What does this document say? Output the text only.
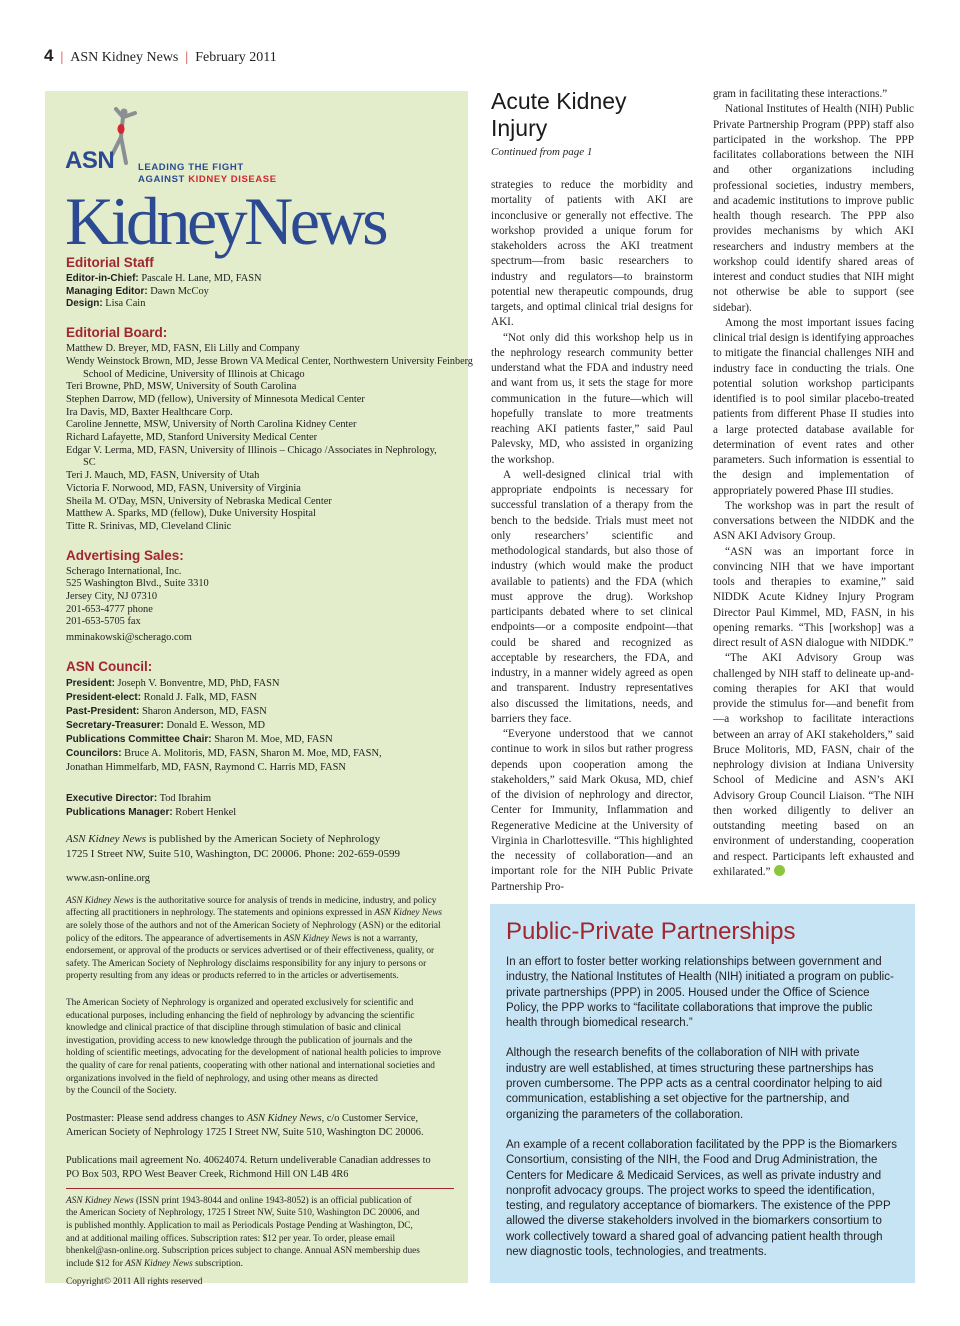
4 | ASN Kidney News | February 2011
ASN	LEADING THE FIGHT
AGAINST KIDNEY DISEASE
KidneyNews
Editorial Staff
Editor-in-Chief: Pascale H. Lane, MD, FASN
Managing Editor: Dawn McCoy
Design: Lisa Cain
Editorial Board:
Matthew D. Breyer, MD, FASN, Eli Lilly and Company
Wendy Weinstock Brown, MD, Jesse Brown VA Medical Center, Northwestern University Feinberg
School of Medicine, University of Illinois at Chicago
Teri Browne, PhD, MSW, University of South Carolina
Stephen Darrow, MD (fellow), University of Minnesota Medical Center
Ira Davis, MD, Baxter Healthcare Corp.
Caroline Jennette, MSW, University of North Carolina Kidney Center
Richard Lafayette, MD, Stanford University Medical Center
Edgar V. Lerma, MD, FASN, University of Illinois – Chicago /Associates in Nephrology,
SC
Teri J. Mauch, MD, FASN, University of Utah
Victoria F. Norwood, MD, FASN, University of Virginia
Sheila M. O'Day, MSN, University of Nebraska Medical Center
Matthew A. Sparks, MD (fellow), Duke University Hospital
Titte R. Srinivas, MD, Cleveland Clinic
Advertising Sales:
Scherago International, Inc.
525 Washington Blvd., Suite 3310
Jersey City, NJ 07310
201-653-4777 phone
201-653-5705 fax
mminakowski@scherago.com
ASN Council:
President: Joseph V. Bonventre, MD, PhD, FASN
President-elect: Ronald J. Falk, MD, FASN
Past-President: Sharon Anderson, MD, FASN
Secretary-Treasurer: Donald E. Wesson, MD
Publications Committee Chair: Sharon M. Moe, MD, FASN
Councilors: Bruce A. Molitoris, MD, FASN, Sharon M. Moe, MD, FASN,
Jonathan Himmelfarb, MD, FASN, Raymond C. Harris MD, FASN
Executive Director: Tod Ibrahim
Publications Manager: Robert Henkel
ASN Kidney News is published by the American Society of Nephrology
1725 I Street NW, Suite 510, Washington, DC 20006. Phone: 202-659-0599
www.asn-online.org
ASN Kidney News is the authoritative source for analysis of trends in medicine, industry, and policy
affecting all practitioners in nephrology. The statements and opinions expressed in ASN Kidney News
are solely those of the authors and not of the American Society of Nephrology (ASN) or the editorial
policy of the editors. The appearance of advertisements in ASN Kidney News is not a warranty,
endorsement, or approval of the products or services advertised or of their effectiveness, quality, or
safety. The American Society of Nephrology disclaims responsibility for any injury to persons or
property resulting from any ideas or products referred to in the articles or advertisements.
The American Society of Nephrology is organized and operated exclusively for scientific and
educational purposes, including enhancing the field of nephrology by advancing the scientific
knowledge and clinical practice of that discipline through stimulation of basic and clinical
investigation, providing access to new knowledge through the publication of journals and the
holding of scientific meetings, advocating for the development of national health policies to improve
the quality of care for renal patients, cooperating with other national and international societies and
organizations involved in the field of nephrology, and using other means as directed
by the Council of the Society.
Postmaster: Please send address changes to ASN Kidney News, c/o Customer Service,
American Society of Nephrology 1725 I Street NW, Suite 510, Washington DC 20006.
Publications mail agreement No. 40624074. Return undeliverable Canadian addresses to
PO Box 503, RPO West Beaver Creek, Richmond Hill ON L4B 4R6
ASN Kidney News (ISSN print 1943-8044 and online 1943-8052) is an official publication of
the American Society of Nephrology, 1725 I Street NW, Suite 510, Washington DC 20006, and
is published monthly. Application to mail as Periodicals Postage Pending at Washington, DC,
and at additional mailing offices. Subscription rates: $12 per year. To order, please email
bhenkel@asn-online.org. Subscription prices subject to change. Annual ASN membership dues
include $12 for ASN Kidney News subscription.
Copyright© 2011 All rights reserved
Acute Kidney
Injury
Continued from page 1

strategies to reduce the morbidity and mortality of patients with AKI are inconclusive or generally not effective. The workshop provided a unique forum for stakeholders across the AKI treatment spectrum—from basic researchers to industry and regulators—to brainstorm potential new therapeutic compounds, drug targets, and optimal clinical trial designs for AKI.

“Not only did this workshop help us in the nephrology research community better understand what the FDA and industry need and want from us, it sets the stage for more communication in the future—which will hopefully translate to more treatments reaching AKI patients faster,” said Paul Palevsky, MD, who assisted in organizing the workshop.

A well-designed clinical trial with appropriate endpoints is necessary for successful translation of a therapy from the bench to the bedside. Trials must meet not only researchers’ scientific and methodological standards, but also those of industry (which would make the product available to patients) and the FDA (which must approve the drug). Workshop participants debated where to set clinical endpoints—or a composite endpoint—that could be shared and recognized as acceptable by researchers, the FDA, and industry, in a manner widely agreed as open and transparent. Industry representatives also discussed the limitations, needs, and barriers they face.

“Everyone understood that we cannot continue to work in silos but rather progress depends upon cooperation among the stakeholders,” said Mark Okusa, MD, chief of the division of nephrology and director, Center for Immunity, Inflammation and Regenerative Medicine at the University of Virginia in Charlottesville. “This highlighted the necessity of collaboration—and an important role for the NIH Public Private Partnership Pro-

gram in facilitating these interactions.”

National Institutes of Health (NIH) Public Private Partnership Program (PPP) staff also participated in the workshop. The PPP facilitates collaborations between the NIH and other organizations including professional societies, industry members, and academic institutions to improve public health though research. The PPP also provides mechanisms by which AKI researchers and industry members at the workshop could identify shared areas of interest and conduct studies that NIH might not otherwise be able to support (see sidebar).

Among the most important issues facing clinical trial design is identifying approaches to mitigate the financial challenges NIH and industry face in conducting the trials. One potential solution workshop participants identified is to pool similar placebo-treated patients from different Phase II studies into a large protected database available for determination of event rates and other parameters. Such information is essential to the design and implementation of appropriately powered Phase III studies.

The workshop was in part the result of conversations between the NIDDK and the ASN AKI Advisory Group.

“ASN was an important force in convincing NIH that we have important tools and therapies to examine,” said NIDDK Acute Kidney Injury Program Director Paul Kimmel, MD, FASN, in his opening remarks. “This [workshop] was a direct result of ASN dialogue with NIDDK.”

“The AKI Advisory Group was challenged by NIH staff to delineate up-and-coming therapies for AKI that would provide the stimulus for—and benefit from—a workshop to facilitate interactions between an array of AKI stakeholders,” said Bruce Molitoris, MD, FASN, chair of the nephrology division at Indiana University School of Medicine and ASN’s AKI Advisory Group Council Liaison. “The NIH then worked diligently to deliver an outstanding meeting based on an environment of understanding, cooperation and respect. Participants left exhausted and exhilarated.”

Public-Private Partnerships

In an effort to foster better working relationships between government and industry, the National Institutes of Health (NIH) initiated a program on public-private partnerships (PPP) in 2005. Housed under the Office of Science Policy, the PPP works to “facilitate collaborations that improve the public health through biomedical research.”

Although the research benefits of the collaboration of NIH with private industry are well established, at times structuring these partnerships has proven cumbersome. The PPP acts as a central coordinator helping to aid communication, establishing a set objective for the partnership, and organizing the parameters of the collaboration.

An example of a recent collaboration facilitated by the PPP is the Biomarkers Consortium, consisting of the NIH, the Food and Drug Administration, the Centers for Medicare & Medicaid Services, as well as private industry and nonprofit advocacy groups. The project works to speed the identification, testing, and regulatory acceptance of biomarkers. The existence of the PPP allowed the diverse stakeholders involved in the biomarkers consortium to work collectively toward a shared goal of advancing patient health through new diagnostic tools, technologies, and treatments.
